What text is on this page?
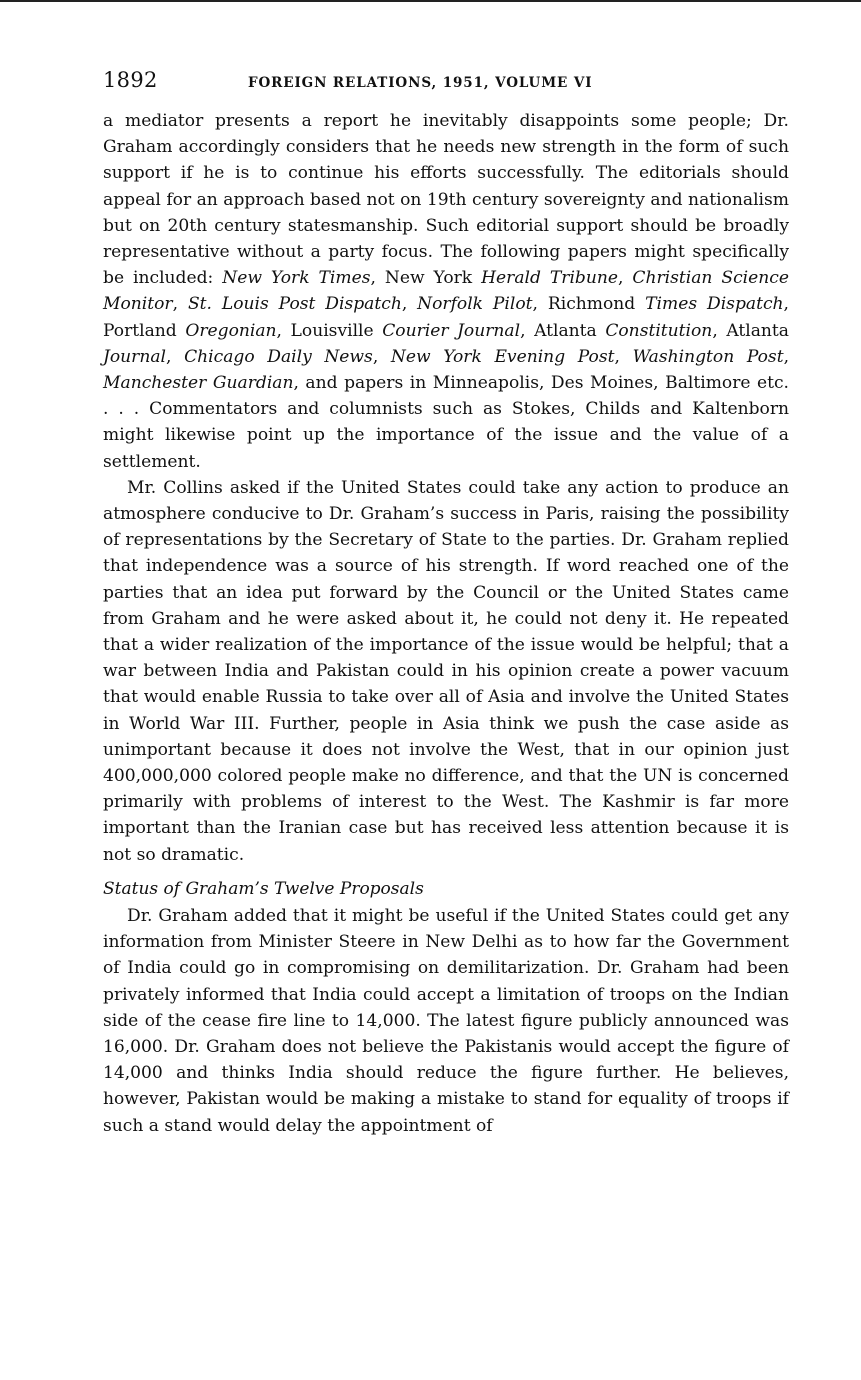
1892	FOREIGN RELATIONS, 1951, VOLUME VI

a mediator presents a report he inevitably disappoints some people; Dr. Graham accordingly considers that he needs new strength in the form of such support if he is to continue his efforts successfully. The editorials should appeal for an approach based not on 19th century sovereignty and nationalism but on 20th century statesmanship. Such editorial support should be broadly representative without a party focus. The following papers might specifically be included: New York Times, New York Herald Tribune, Christian Science Monitor, St. Louis Post Dispatch, Norfolk Pilot, Richmond Times Dispatch, Portland Oregonian, Louisville Courier Journal, Atlanta Constitution, Atlanta Journal, Chicago Daily News, New York Evening Post, Washington Post, Manchester Guardian, and papers in Minneapolis, Des Moines, Baltimore etc. . . . Commentators and columnists such as Stokes, Childs and Kaltenborn might likewise point up the importance of the issue and the value of a settlement.

Mr. Collins asked if the United States could take any action to produce an atmosphere conducive to Dr. Graham’s success in Paris, raising the possibility of representations by the Secretary of State to the parties. Dr. Graham replied that independence was a source of his strength. If word reached one of the parties that an idea put forward by the Council or the United States came from Graham and he were asked about it, he could not deny it. He repeated that a wider realization of the importance of the issue would be helpful; that a war between India and Pakistan could in his opinion create a power vacuum that would enable Russia to take over all of Asia and involve the United States in World War III. Further, people in Asia think we push the case aside as unimportant because it does not involve the West, that in our opinion just 400,000,000 colored people make no difference, and that the UN is concerned primarily with problems of interest to the West. The Kashmir is far more important than the Iranian case but has received less attention because it is not so dramatic.

Status of Graham’s Twelve Proposals

Dr. Graham added that it might be useful if the United States could get any information from Minister Steere in New Delhi as to how far the Government of India could go in compromising on demilitarization. Dr. Graham had been privately informed that India could accept a limitation of troops on the Indian side of the cease fire line to 14,000. The latest figure publicly announced was 16,000. Dr. Graham does not believe the Pakistanis would accept the figure of 14,000 and thinks India should reduce the figure further. He believes, however, Pakistan would be making a mistake to stand for equality of troops if such a stand would delay the appointment of
